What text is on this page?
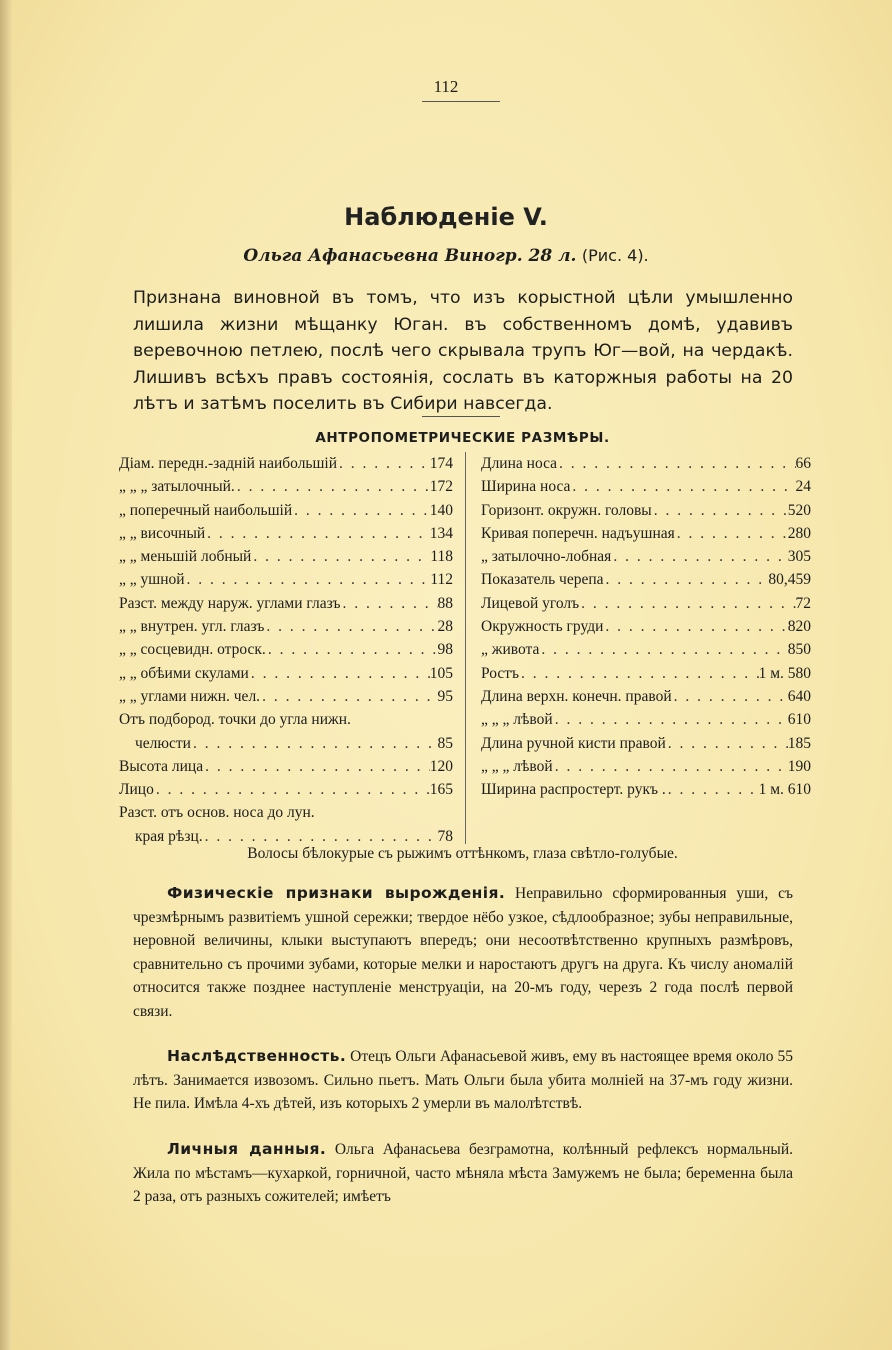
112
Наблюденіе V.
Ольга Афанасьевна Виногр. 28 л. (Рис. 4).
Признана виновной въ томъ, что изъ корыстной цѣли умышленно лишила жизни мѣщанку Юган. въ собственномъ домѣ, удавивъ веревочною петлею, послѣ чего скрывала трупъ Юг—вой, на чердакѣ. Лишивъ всѣхъ правъ состоянія, сослать въ каторжныя работы на 20 лѣтъ и затѣмъ поселить въ Сибири навсегда.
АНТРОПОМЕТРИЧЕСКИЕ РАЗМѢРЫ.
Діам. передн.-задній наибольшій . . .	174
„ „ „ затылочный. . . .	172
„ поперечный наибольшій . . .	140
„ „ височный . . .	134
„ „ меньшій лобный . . .	118
„ „ ушной . . .	112
Разст. между наруж. углами глазъ . . .	88
„ „ внутрен. угл. глазъ . . .	28
„ „ сосцевидн. отроск. . . .	98
„ „ обѣими скулами . . .	105
„ „ углами нижн. чел. . . .	95
Отъ подбород. точки до угла нижн.
челюсти . . .	85
Высота лица . . .	120
Лицо . . .	165
Разст. отъ основ. носа до лун.
края рѣзц. . . .	78
Длина носа . . .	66
Ширина носа . . .	24
Горизонт. окружн. головы . . .	520
Кривая поперечн. надъушная . . .	280
„ затылочно-лобная . . .	305
Показатель черепа . . .	80,459
Лицевой уголъ . . .	72
Окружность груди . . .	820
„ живота . . .	850
Ростъ . . .	1 м. 580
Длина верхн. конечн. правой . . .	640
„ „ „ лѣвой . . .	610
Длина ручной кисти правой . . .	185
„ „ „ лѣвой . . .	190
Ширина распростерт. рукъ . . . .	1 м. 610
Волосы бѣлокурые съ рыжимъ оттѣнкомъ, глаза свѣтло-голубые.
Физическіе признаки вырожденія. Неправильно сформированныя уши, съ чрезмѣрнымъ развитіемъ ушной сережки; твердое нёбо узкое, сѣдлообразное; зубы неправильные, неровной величины, клыки выступаютъ впередъ; они несоотвѣтственно крупныхъ размѣровъ, сравнительно съ прочими зубами, которые мелки и наростаютъ другъ на друга. Къ числу аномалій относится также позднее наступленіе менструаціи, на 20-мъ году, черезъ 2 года послѣ первой связи.
Наслѣдственность. Отецъ Ольги Афанасьевой живъ, ему въ настоящее время около 55 лѣтъ. Занимается извозомъ. Сильно пьетъ. Мать Ольги была убита молніей на 37-мъ году жизни. Не пила. Имѣла 4-хъ дѣтей, изъ которыхъ 2 умерли въ малолѣтствѣ.
Личныя данныя. Ольга Афанасьева безграмотна, колѣнный рефлексъ нормальный. Жила по мѣстамъ—кухаркой, горничной, часто мѣняла мѣста Замужемъ не была; беременна была 2 раза, отъ разныхъ сожителей; имѣетъ
